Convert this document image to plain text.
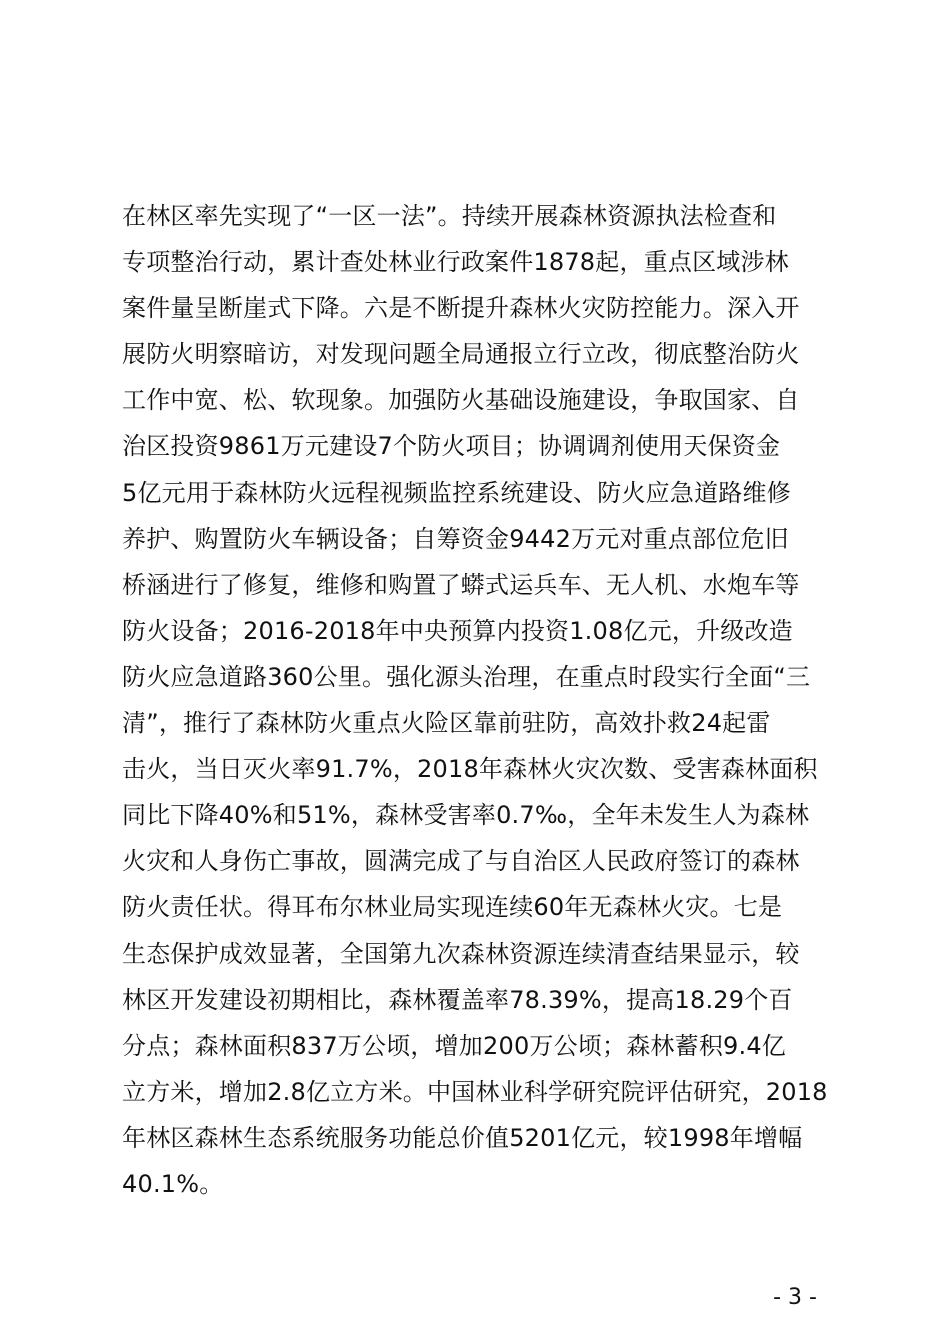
在林区率先实现了“一区一法”。持续开展森林资源执法检查和
专项整治行动，累计查处林业行政案件1878起，重点区域涉林
案件量呈断崖式下降。六是不断提升森林火灾防控能力。深入开
展防火明察暗访，对发现问题全局通报立行立改，彻底整治防火
工作中宽、松、软现象。加强防火基础设施建设，争取国家、自
治区投资9861万元建设7个防火项目；协调调剂使用天保资金
5亿元用于森林防火远程视频监控系统建设、防火应急道路维修
养护、购置防火车辆设备；自筹资金9442万元对重点部位危旧
桥涵进行了修复，维修和购置了蟒式运兵车、无人机、水炮车等
防火设备；2016-2018年中央预算内投资1.08亿元，升级改造
防火应急道路360公里。强化源头治理，在重点时段实行全面“三
清”，推行了森林防火重点火险区靠前驻防，高效扑救24起雷
击火，当日灭火率91.7%，2018年森林火灾次数、受害森林面积
同比下降40%和51%，森林受害率0.7‰，全年未发生人为森林
火灾和人身伤亡事故，圆满完成了与自治区人民政府签订的森林
防火责任状。得耳布尔林业局实现连续60年无森林火灾。七是
生态保护成效显著，全国第九次森林资源连续清查结果显示，较
林区开发建设初期相比，森林覆盖率78.39%，提高18.29个百
分点；森林面积837万公顷，增加200万公顷；森林蓄积9.4亿
立方米，增加2.8亿立方米。中国林业科学研究院评估研究，2018
年林区森林生态系统服务功能总价值5201亿元，较1998年增幅
40.1%。
- 3 -
